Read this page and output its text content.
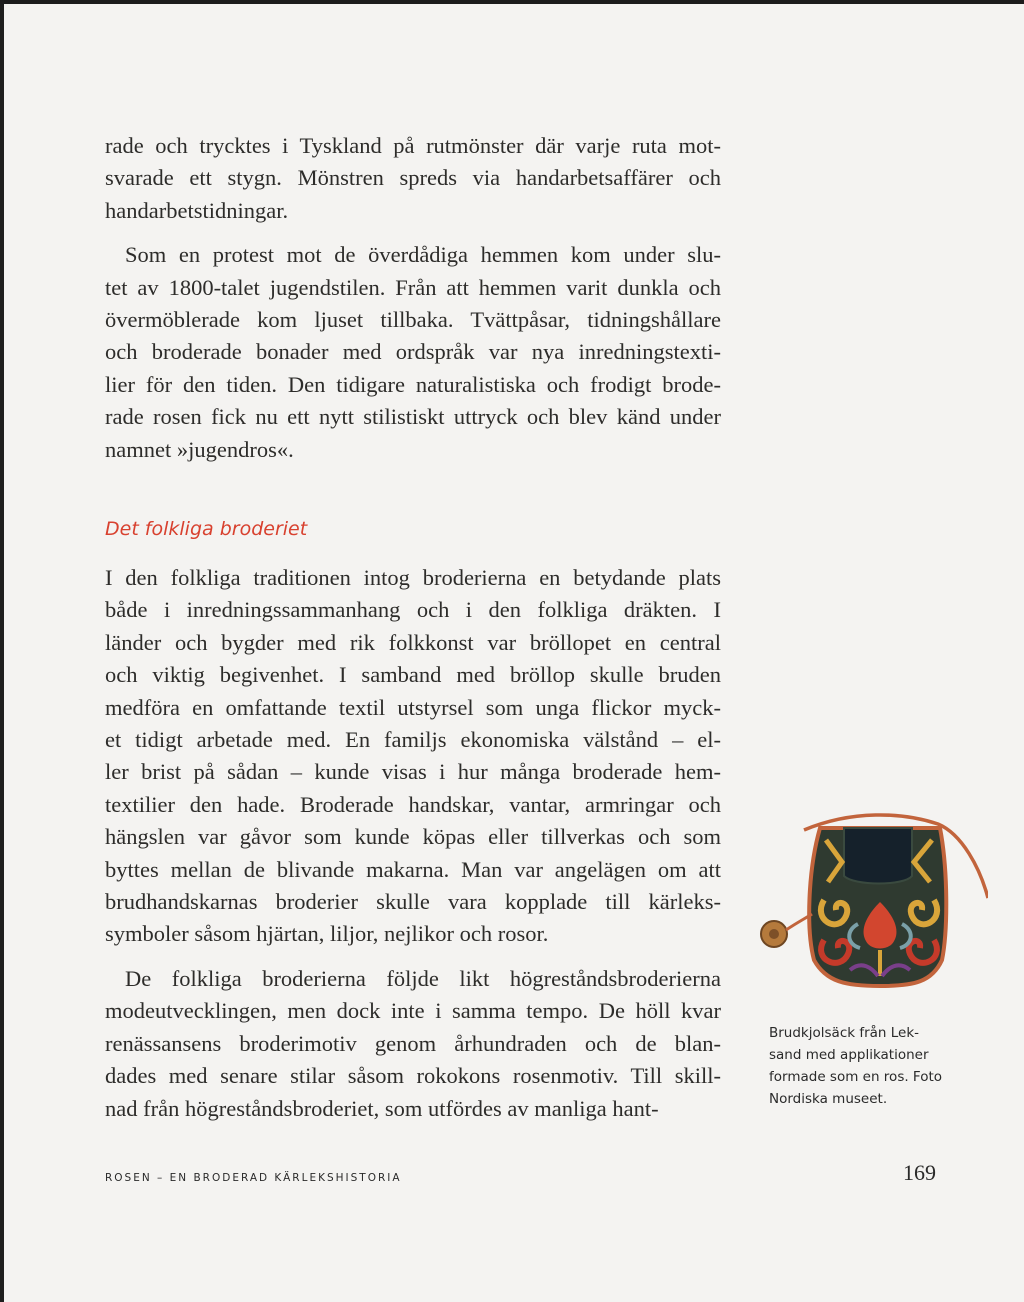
rade och trycktes i Tyskland på rutmönster där varje ruta mot-
svarade ett stygn. Mönstren spreds via handarbetsaffärer och
handarbetstidningar.
Som en protest mot de överdådiga hemmen kom under slu-
tet av 1800-talet jugendstilen. Från att hemmen varit dunkla och
övermöblerade kom ljuset tillbaka. Tvättpåsar, tidningshållare
och broderade bonader med ordspråk var nya inredningstexti-
lier för den tiden. Den tidigare naturalistiska och frodigt brode-
rade rosen fick nu ett nytt stilistiskt uttryck och blev känd under
namnet »jugendros«.
Det folkliga broderiet
I den folkliga traditionen intog broderierna en betydande plats
både i inredningssammanhang och i den folkliga dräkten. I
länder och bygder med rik folkkonst var bröllopet en central
och viktig begivenhet. I samband med bröllop skulle bruden
medföra en omfattande textil utstyrsel som unga flickor myck-
et tidigt arbetade med. En familjs ekonomiska välstånd – el-
ler brist på sådan – kunde visas i hur många broderade hem-
textilier den hade. Broderade handskar, vantar, armringar och
hängslen var gåvor som kunde köpas eller tillverkas och som
byttes mellan de blivande makarna. Man var angelägen om att
brudhandskarnas broderier skulle vara kopplade till kärleks-
symboler såsom hjärtan, liljor, nejlikor och rosor.
De folkliga broderierna följde likt högreståndsbroderierna
modeutvecklingen, men dock inte i samma tempo. De höll kvar
renässansens broderimotiv genom århundraden och de blan-
dades med senare stilar såsom rokokons rosenmotiv. Till skill-
nad från högreståndsbroderiet, som utfördes av manliga hant-
Brudkjolsäck från Lek-
sand med applikationer
formade som en ros. Foto
Nordiska museet.
ROSEN – EN BRODERAD KÄRLEKSHISTORIA	169
